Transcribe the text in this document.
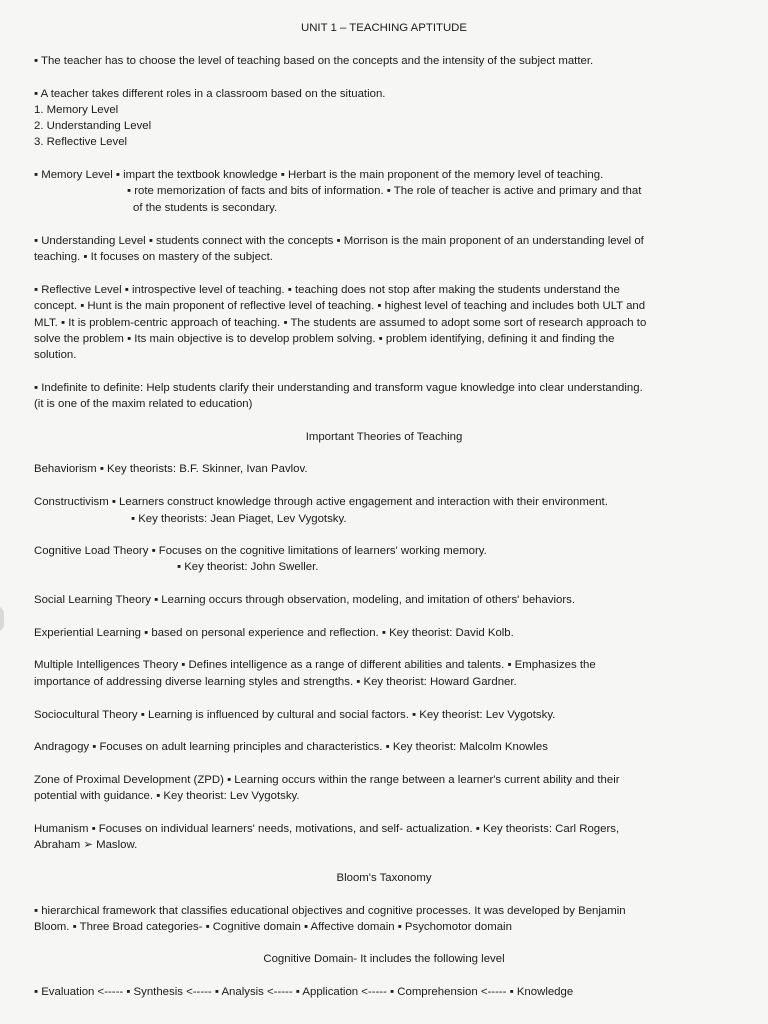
UNIT 1 – TEACHING APTITUDE
▪ The teacher has to choose the level of teaching based on the concepts and the intensity of the subject matter.
▪ A teacher takes different roles in a classroom based on the situation.
1. Memory Level
2. Understanding Level
3. Reflective Level
▪ Memory Level ▪ impart the textbook knowledge ▪ Herbart is the main proponent of the memory level of teaching.
▪ rote memorization of facts and bits of information. ▪ The role of teacher is active and primary and that
of the students is secondary.
▪ Understanding Level ▪ students connect with the concepts ▪ Morrison is the main proponent of an understanding level of
teaching. ▪ It focuses on mastery of the subject.
▪ Reflective Level ▪ introspective level of teaching. ▪ teaching does not stop after making the students understand the
concept. ▪ Hunt is the main proponent of reflective level of teaching. ▪ highest level of teaching and includes both ULT and
MLT. ▪ It is problem-centric approach of teaching. ▪ The students are assumed to adopt some sort of research approach to
solve the problem ▪ Its main objective is to develop problem solving. ▪ problem identifying, defining it and finding the
solution.
▪ Indefinite to definite: Help students clarify their understanding and transform vague knowledge into clear understanding.
(it is one of the maxim related to education)
Important Theories of Teaching
Behaviorism ▪ Key theorists: B.F. Skinner, Ivan Pavlov.
Constructivism ▪ Learners construct knowledge through active engagement and interaction with their environment.
▪ Key theorists: Jean Piaget, Lev Vygotsky.
Cognitive Load Theory ▪ Focuses on the cognitive limitations of learners' working memory.
▪ Key theorist: John Sweller.
Social Learning Theory ▪ Learning occurs through observation, modeling, and imitation of others' behaviors.
Experiential Learning ▪ based on personal experience and reflection. ▪ Key theorist: David Kolb.
Multiple Intelligences Theory ▪ Defines intelligence as a range of different abilities and talents. ▪ Emphasizes the
importance of addressing diverse learning styles and strengths. ▪ Key theorist: Howard Gardner.
Sociocultural Theory ▪ Learning is influenced by cultural and social factors. ▪ Key theorist: Lev Vygotsky.
Andragogy ▪ Focuses on adult learning principles and characteristics. ▪ Key theorist: Malcolm Knowles
Zone of Proximal Development (ZPD) ▪ Learning occurs within the range between a learner's current ability and their
potential with guidance. ▪ Key theorist: Lev Vygotsky.
Humanism ▪ Focuses on individual learners' needs, motivations, and self- actualization. ▪ Key theorists: Carl Rogers,
Abraham ➢ Maslow.
Bloom's Taxonomy
▪ hierarchical framework that classifies educational objectives and cognitive processes. It was developed by Benjamin
Bloom. ▪ Three Broad categories- ▪ Cognitive domain ▪ Affective domain ▪ Psychomotor domain
Cognitive Domain- It includes the following level
▪ Evaluation <----- ▪ Synthesis <----- ▪ Analysis <----- ▪ Application <----- ▪ Comprehension <----- ▪ Knowledge
